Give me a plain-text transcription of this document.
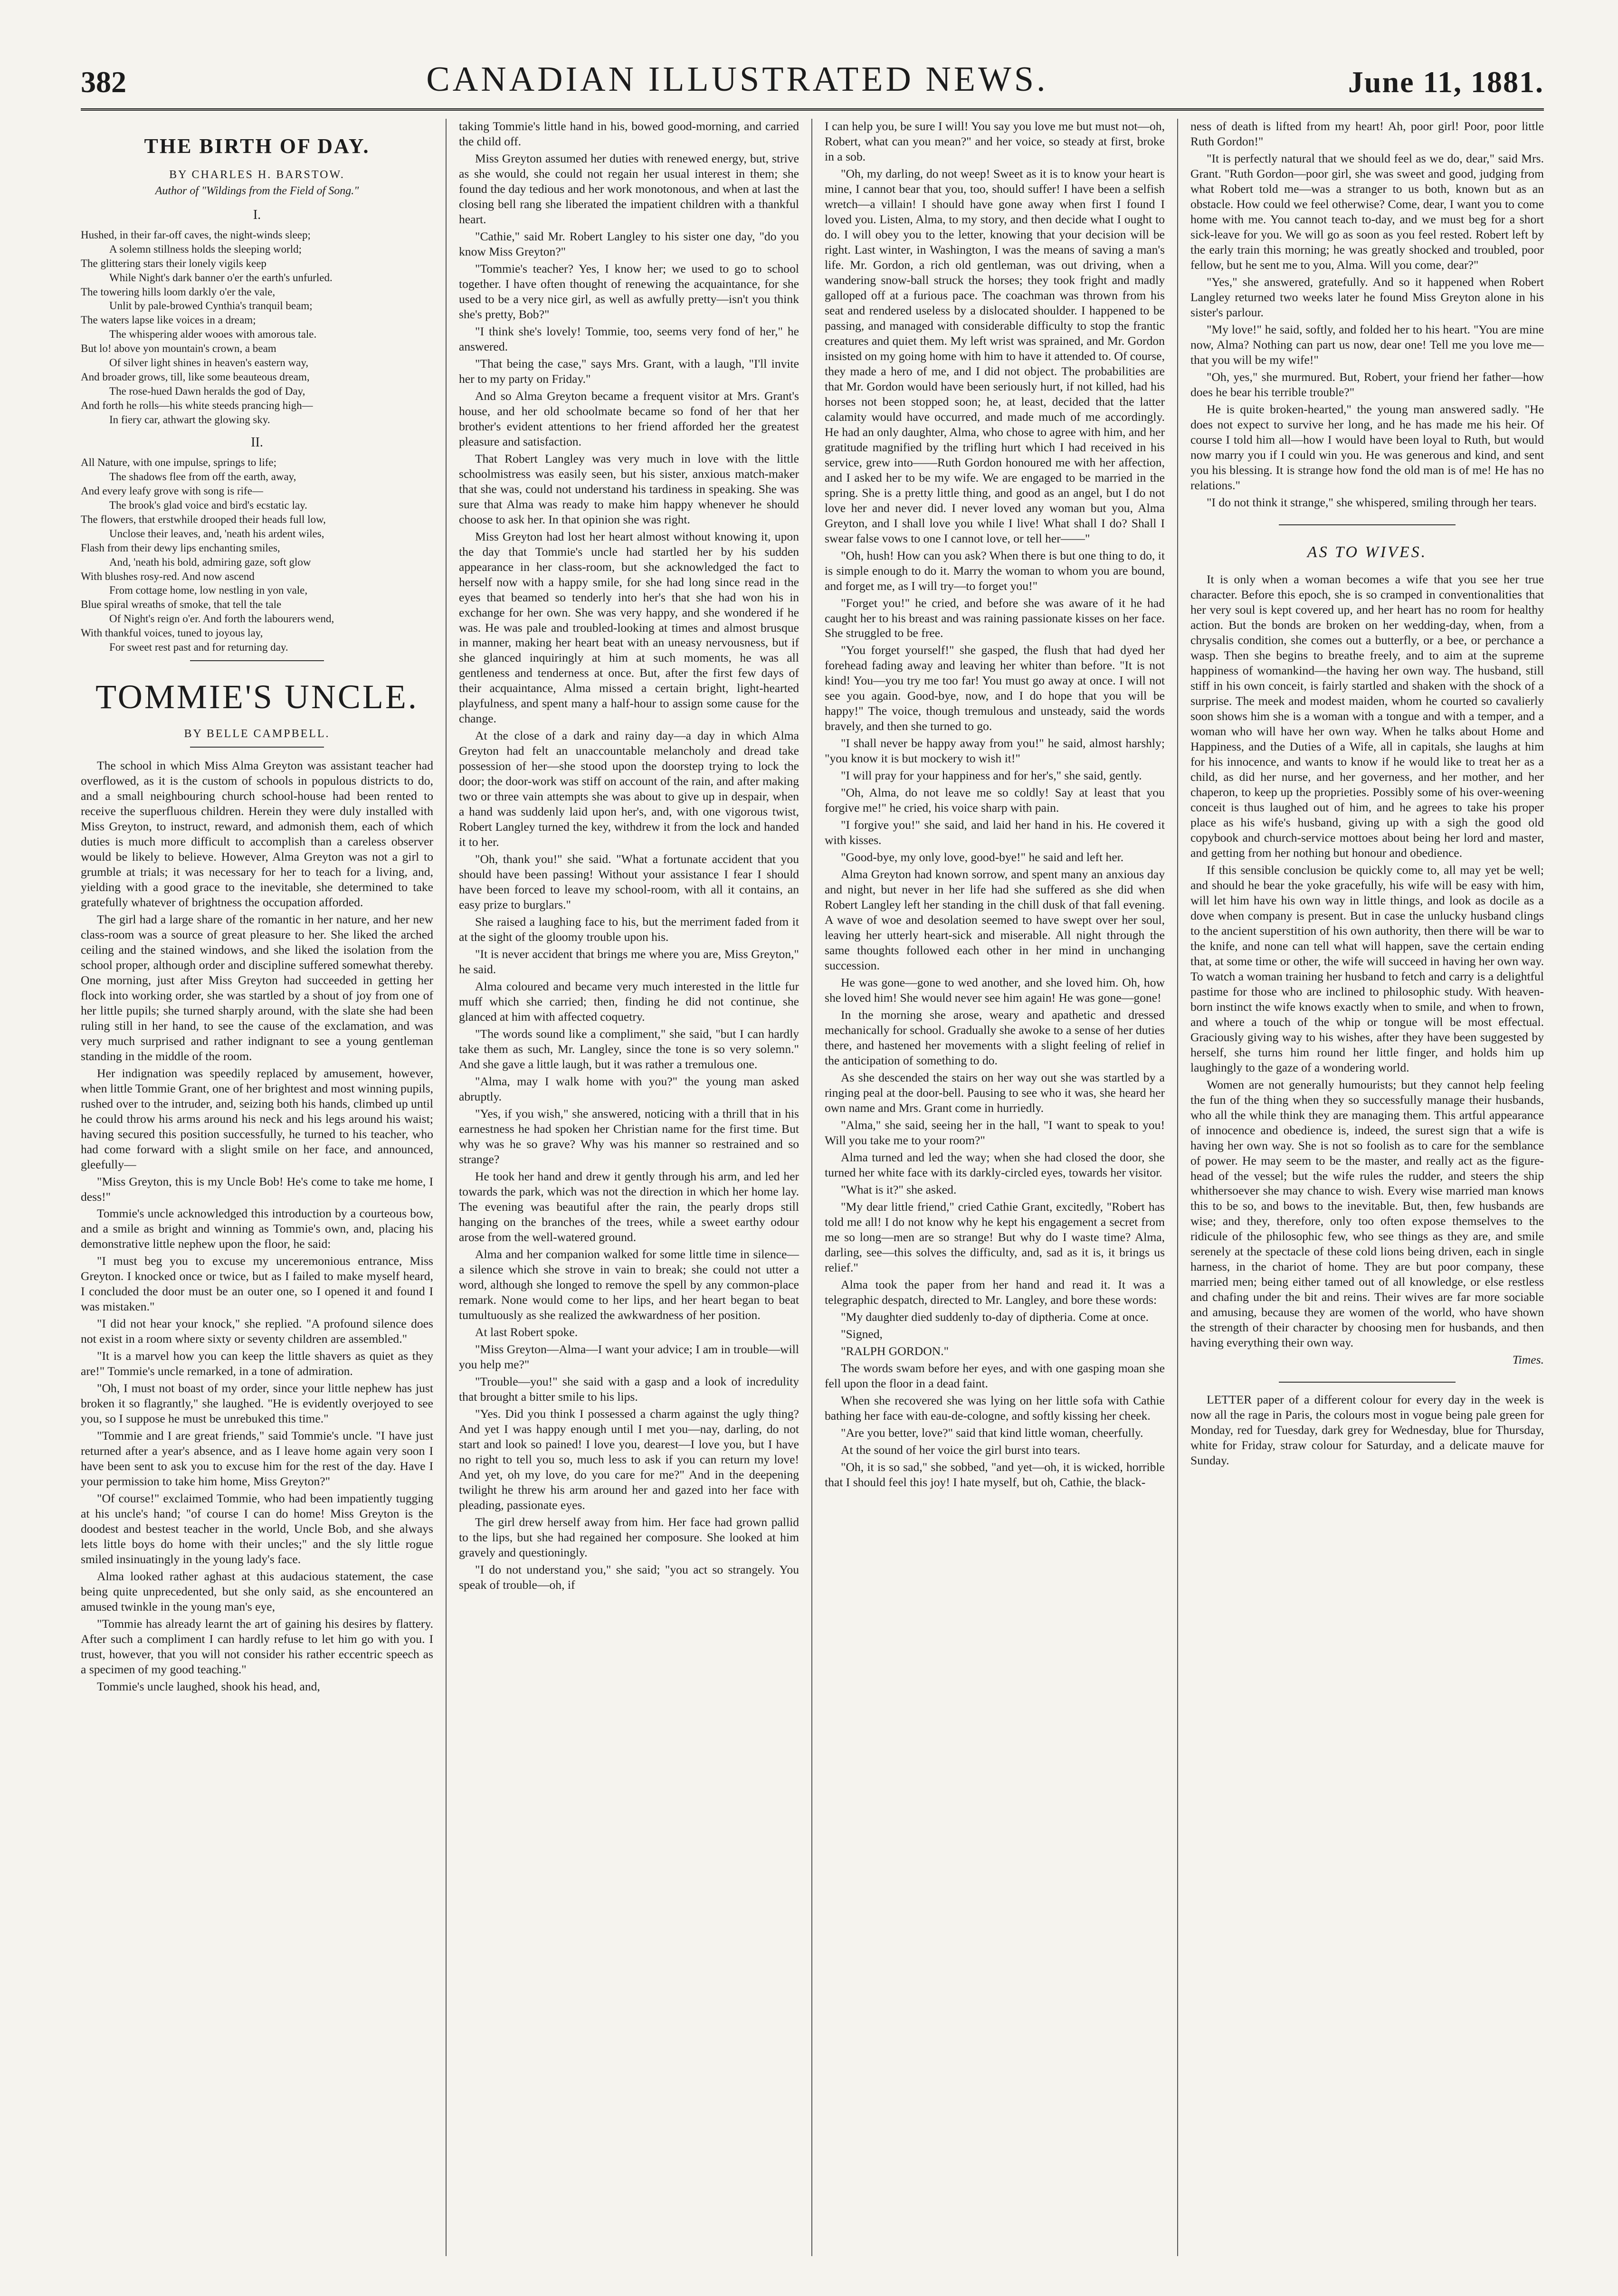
382	CANADIAN ILLUSTRATED NEWS.	June 11, 1881.
THE BIRTH OF DAY.
BY CHARLES H. BARSTOW.
Author of "Wildings from the Field of Song."
I.

Hushed, in their far-off caves, the night-winds sleep;

A solemn stillness holds the sleeping world;

The glittering stars their lonely vigils keep

While Night's dark banner o'er the earth's unfurled.

The towering hills loom darkly o'er the vale,

Unlit by pale-browed Cynthia's tranquil beam;

The waters lapse like voices in a dream;

The whispering alder wooes with amorous tale.

But lo! above yon mountain's crown, a beam

Of silver light shines in heaven's eastern way,

And broader grows, till, like some beauteous dream,

The rose-hued Dawn heralds the god of Day,

And forth he rolls—his white steeds prancing high—

In fiery car, athwart the glowing sky.

II.

All Nature, with one impulse, springs to life;

The shadows flee from off the earth, away,

And every leafy grove with song is rife—

The brook's glad voice and bird's ecstatic lay.

The flowers, that erstwhile drooped their heads full low,

Unclose their leaves, and, 'neath his ardent wiles,

Flash from their dewy lips enchanting smiles,

And, 'neath his bold, admiring gaze, soft glow

With blushes rosy-red. And now ascend

From cottage home, low nestling in yon vale,

Blue spiral wreaths of smoke, that tell the tale

Of Night's reign o'er. And forth the labourers wend,

With thankful voices, tuned to joyous lay,

For sweet rest past and for returning day.

TOMMIE'S UNCLE.
BY BELLE CAMPBELL.

The school in which Miss Alma Greyton was assistant teacher had overflowed, as it is the custom of schools in populous districts to do, and a small neighbouring church school-house had been rented to receive the superfluous children. Herein they were duly installed with Miss Greyton, to instruct, reward, and admonish them, each of which duties is much more difficult to accomplish than a careless observer would be likely to believe. However, Alma Greyton was not a girl to grumble at trials; it was necessary for her to teach for a living, and, yielding with a good grace to the inevitable, she determined to take gratefully whatever of brightness the occupation afforded.

The girl had a large share of the romantic in her nature, and her new class-room was a source of great pleasure to her. She liked the arched ceiling and the stained windows, and she liked the isolation from the school proper, although order and discipline suffered somewhat thereby. One morning, just after Miss Greyton had succeeded in getting her flock into working order, she was startled by a shout of joy from one of her little pupils; she turned sharply around, with the slate she had been ruling still in her hand, to see the cause of the exclamation, and was very much surprised and rather indignant to see a young gentleman standing in the middle of the room.

Her indignation was speedily replaced by amusement, however, when little Tommie Grant, one of her brightest and most winning pupils, rushed over to the intruder, and, seizing both his hands, climbed up until he could throw his arms around his neck and his legs around his waist; having secured this position successfully, he turned to his teacher, who had come forward with a slight smile on her face, and announced, gleefully—

"Miss Greyton, this is my Uncle Bob! He's come to take me home, I dess!"

Tommie's uncle acknowledged this introduction by a courteous bow, and a smile as bright and winning as Tommie's own, and, placing his demonstrative little nephew upon the floor, he said:

"I must beg you to excuse my unceremonious entrance, Miss Greyton. I knocked once or twice, but as I failed to make myself heard, I concluded the door must be an outer one, so I opened it and found I was mistaken."

"I did not hear your knock," she replied. "A profound silence does not exist in a room where sixty or seventy children are assembled."

"It is a marvel how you can keep the little shavers as quiet as they are!" Tommie's uncle remarked, in a tone of admiration.

"Oh, I must not boast of my order, since your little nephew has just broken it so flagrantly," she laughed. "He is evidently overjoyed to see you, so I suppose he must be unrebuked this time."

"Tommie and I are great friends," said Tommie's uncle. "I have just returned after a year's absence, and as I leave home again very soon I have been sent to ask you to excuse him for the rest of the day. Have I your permission to take him home, Miss Greyton?"

"Of course!" exclaimed Tommie, who had been impatiently tugging at his uncle's hand; "of course I can do home! Miss Greyton is the doodest and bestest teacher in the world, Uncle Bob, and she always lets little boys do home with their uncles;" and the sly little rogue smiled insinuatingly in the young lady's face.

Alma looked rather aghast at this audacious statement, the case being quite unprecedented, but she only said, as she encountered an amused twinkle in the young man's eye,

"Tommie has already learnt the art of gaining his desires by flattery. After such a compliment I can hardly refuse to let him go with you. I trust, however, that you will not consider his rather eccentric speech as a specimen of my good teaching."

Tommie's uncle laughed, shook his head, and,

taking Tommie's little hand in his, bowed good-morning, and carried the child off.

Miss Greyton assumed her duties with renewed energy, but, strive as she would, she could not regain her usual interest in them; she found the day tedious and her work monotonous, and when at last the closing bell rang she liberated the impatient children with a thankful heart.

"Cathie," said Mr. Robert Langley to his sister one day, "do you know Miss Greyton?"

"Tommie's teacher? Yes, I know her; we used to go to school together. I have often thought of renewing the acquaintance, for she used to be a very nice girl, as well as awfully pretty—isn't you think she's pretty, Bob?"

"I think she's lovely! Tommie, too, seems very fond of her," he answered.

"That being the case," says Mrs. Grant, with a laugh, "I'll invite her to my party on Friday."

And so Alma Greyton became a frequent visitor at Mrs. Grant's house, and her old schoolmate became so fond of her that her brother's evident attentions to her friend afforded her the greatest pleasure and satisfaction.

That Robert Langley was very much in love with the little schoolmistress was easily seen, but his sister, anxious match-maker that she was, could not understand his tardiness in speaking. She was sure that Alma was ready to make him happy whenever he should choose to ask her. In that opinion she was right.

Miss Greyton had lost her heart almost without knowing it, upon the day that Tommie's uncle had startled her by his sudden appearance in her class-room, but she acknowledged the fact to herself now with a happy smile, for she had long since read in the eyes that beamed so tenderly into her's that she had won his in exchange for her own. She was very happy, and she wondered if he was. He was pale and troubled-looking at times and almost brusque in manner, making her heart beat with an uneasy nervousness, but if she glanced inquiringly at him at such moments, he was all gentleness and tenderness at once. But, after the first few days of their acquaintance, Alma missed a certain bright, light-hearted playfulness, and spent many a half-hour to assign some cause for the change.

At the close of a dark and rainy day—a day in which Alma Greyton had felt an unaccountable melancholy and dread take possession of her—she stood upon the doorstep trying to lock the door; the door-work was stiff on account of the rain, and after making two or three vain attempts she was about to give up in despair, when a hand was suddenly laid upon her's, and, with one vigorous twist, Robert Langley turned the key, withdrew it from the lock and handed it to her.

"Oh, thank you!" she said. "What a fortunate accident that you should have been passing! Without your assistance I fear I should have been forced to leave my school-room, with all it contains, an easy prize to burglars."

She raised a laughing face to his, but the merriment faded from it at the sight of the gloomy trouble upon his.

"It is never accident that brings me where you are, Miss Greyton," he said.

Alma coloured and became very much interested in the little fur muff which she carried; then, finding he did not continue, she glanced at him with affected coquetry.

"The words sound like a compliment," she said, "but I can hardly take them as such, Mr. Langley, since the tone is so very solemn." And she gave a little laugh, but it was rather a tremulous one.

"Alma, may I walk home with you?" the young man asked abruptly.

"Yes, if you wish," she answered, noticing with a thrill that in his earnestness he had spoken her Christian name for the first time. But why was he so grave? Why was his manner so restrained and so strange?

He took her hand and drew it gently through his arm, and led her towards the park, which was not the direction in which her home lay. The evening was beautiful after the rain, the pearly drops still hanging on the branches of the trees, while a sweet earthy odour arose from the well-watered ground.

Alma and her companion walked for some little time in silence—a silence which she strove in vain to break; she could not utter a word, although she longed to remove the spell by any common-place remark. None would come to her lips, and her heart began to beat tumultuously as she realized the awkwardness of her position.

At last Robert spoke.

"Miss Greyton—Alma—I want your advice; I am in trouble—will you help me?"

"Trouble—you!" she said with a gasp and a look of incredulity that brought a bitter smile to his lips.

"Yes. Did you think I possessed a charm against the ugly thing? And yet I was happy enough until I met you—nay, darling, do not start and look so pained! I love you, dearest—I love you, but I have no right to tell you so, much less to ask if you can return my love! And yet, oh my love, do you care for me?" And in the deepening twilight he threw his arm around her and gazed into her face with pleading, passionate eyes.

The girl drew herself away from him. Her face had grown pallid to the lips, but she had regained her composure. She looked at him gravely and questioningly.

"I do not understand you," she said; "you act so strangely. You speak of trouble—oh, if

I can help you, be sure I will! You say you love me but must not—oh, Robert, what can you mean?" and her voice, so steady at first, broke in a sob.

"Oh, my darling, do not weep! Sweet as it is to know your heart is mine, I cannot bear that you, too, should suffer! I have been a selfish wretch—a villain! I should have gone away when first I found I loved you. Listen, Alma, to my story, and then decide what I ought to do. I will obey you to the letter, knowing that your decision will be right. Last winter, in Washington, I was the means of saving a man's life. Mr. Gordon, a rich old gentleman, was out driving, when a wandering snow-ball struck the horses; they took fright and madly galloped off at a furious pace. The coachman was thrown from his seat and rendered useless by a dislocated shoulder. I happened to be passing, and managed with considerable difficulty to stop the frantic creatures and quiet them. My left wrist was sprained, and Mr. Gordon insisted on my going home with him to have it attended to. Of course, they made a hero of me, and I did not object. The probabilities are that Mr. Gordon would have been seriously hurt, if not killed, had his horses not been stopped soon; he, at least, decided that the latter calamity would have occurred, and made much of me accordingly. He had an only daughter, Alma, who chose to agree with him, and her gratitude magnified by the trifling hurt which I had received in his service, grew into——Ruth Gordon honoured me with her affection, and I asked her to be my wife. We are engaged to be married in the spring. She is a pretty little thing, and good as an angel, but I do not love her and never did. I never loved any woman but you, Alma Greyton, and I shall love you while I live! What shall I do? Shall I swear false vows to one I cannot love, or tell her——"

"Oh, hush! How can you ask? When there is but one thing to do, it is simple enough to do it. Marry the woman to whom you are bound, and forget me, as I will try—to forget you!"

"Forget you!" he cried, and before she was aware of it he had caught her to his breast and was raining passionate kisses on her face. She struggled to be free.

"You forget yourself!" she gasped, the flush that had dyed her forehead fading away and leaving her whiter than before. "It is not kind! You—you try me too far! You must go away at once. I will not see you again. Good-bye, now, and I do hope that you will be happy!" The voice, though tremulous and unsteady, said the words bravely, and then she turned to go.

"I shall never be happy away from you!" he said, almost harshly; "you know it is but mockery to wish it!"

"I will pray for your happiness and for her's," she said, gently.

"Oh, Alma, do not leave me so coldly! Say at least that you forgive me!" he cried, his voice sharp with pain.

"I forgive you!" she said, and laid her hand in his. He covered it with kisses.

"Good-bye, my only love, good-bye!" he said and left her.

Alma Greyton had known sorrow, and spent many an anxious day and night, but never in her life had she suffered as she did when Robert Langley left her standing in the chill dusk of that fall evening. A wave of woe and desolation seemed to have swept over her soul, leaving her utterly heart-sick and miserable. All night through the same thoughts followed each other in her mind in unchanging succession.

He was gone—gone to wed another, and she loved him. Oh, how she loved him! She would never see him again! He was gone—gone!

In the morning she arose, weary and apathetic and dressed mechanically for school. Gradually she awoke to a sense of her duties there, and hastened her movements with a slight feeling of relief in the anticipation of something to do.

As she descended the stairs on her way out she was startled by a ringing peal at the door-bell. Pausing to see who it was, she heard her own name and Mrs. Grant come in hurriedly.

"Alma," she said, seeing her in the hall, "I want to speak to you! Will you take me to your room?"

Alma turned and led the way; when she had closed the door, she turned her white face with its darkly-circled eyes, towards her visitor.

"What is it?" she asked.

"My dear little friend," cried Cathie Grant, excitedly, "Robert has told me all! I do not know why he kept his engagement a secret from me so long—men are so strange! But why do I waste time? Alma, darling, see—this solves the difficulty, and, sad as it is, it brings us relief."

Alma took the paper from her hand and read it. It was a telegraphic despatch, directed to Mr. Langley, and bore these words:

"My daughter died suddenly to-day of diptheria. Come at once.

"Signed,

"RALPH GORDON."

The words swam before her eyes, and with one gasping moan she fell upon the floor in a dead faint.

When she recovered she was lying on her little sofa with Cathie bathing her face with eau-de-cologne, and softly kissing her cheek.

"Are you better, love?" said that kind little woman, cheerfully.

At the sound of her voice the girl burst into tears.

"Oh, it is so sad," she sobbed, "and yet—oh, it is wicked, horrible that I should feel this joy! I hate myself, but oh, Cathie, the black-

ness of death is lifted from my heart! Ah, poor girl! Poor, poor little Ruth Gordon!"

"It is perfectly natural that we should feel as we do, dear," said Mrs. Grant. "Ruth Gordon—poor girl, she was sweet and good, judging from what Robert told me—was a stranger to us both, known but as an obstacle. How could we feel otherwise? Come, dear, I want you to come home with me. You cannot teach to-day, and we must beg for a short sick-leave for you. We will go as soon as you feel rested. Robert left by the early train this morning; he was greatly shocked and troubled, poor fellow, but he sent me to you, Alma. Will you come, dear?"

"Yes," she answered, gratefully. And so it happened when Robert Langley returned two weeks later he found Miss Greyton alone in his sister's parlour.

"My love!" he said, softly, and folded her to his heart. "You are mine now, Alma? Nothing can part us now, dear one! Tell me you love me—that you will be my wife!"

"Oh, yes," she murmured. But, Robert, your friend her father—how does he bear his terrible trouble?"

He is quite broken-hearted," the young man answered sadly. "He does not expect to survive her long, and he has made me his heir. Of course I told him all—how I would have been loyal to Ruth, but would now marry you if I could win you. He was generous and kind, and sent you his blessing. It is strange how fond the old man is of me! He has no relations."

"I do not think it strange," she whispered, smiling through her tears.

AS TO WIVES.

It is only when a woman becomes a wife that you see her true character. Before this epoch, she is so cramped in conventionalities that her very soul is kept covered up, and her heart has no room for healthy action. But the bonds are broken on her wedding-day, when, from a chrysalis condition, she comes out a butterfly, or a bee, or perchance a wasp. Then she begins to breathe freely, and to aim at the supreme happiness of womankind—the having her own way. The husband, still stiff in his own conceit, is fairly startled and shaken with the shock of a surprise. The meek and modest maiden, whom he courted so cavalierly soon shows him she is a woman with a tongue and with a temper, and a woman who will have her own way. When he talks about Home and Happiness, and the Duties of a Wife, all in capitals, she laughs at him for his innocence, and wants to know if he would like to treat her as a child, as did her nurse, and her governess, and her mother, and her chaperon, to keep up the proprieties. Possibly some of his over-weening conceit is thus laughed out of him, and he agrees to take his proper place as his wife's husband, giving up with a sigh the good old copybook and church-service mottoes about being her lord and master, and getting from her nothing but honour and obedience.

If this sensible conclusion be quickly come to, all may yet be well; and should he bear the yoke gracefully, his wife will be easy with him, will let him have his own way in little things, and look as docile as a dove when company is present. But in case the unlucky husband clings to the ancient superstition of his own authority, then there will be war to the knife, and none can tell what will happen, save the certain ending that, at some time or other, the wife will succeed in having her own way. To watch a woman training her husband to fetch and carry is a delightful pastime for those who are inclined to philosophic study. With heaven-born instinct the wife knows exactly when to smile, and when to frown, and where a touch of the whip or tongue will be most effectual. Graciously giving way to his wishes, after they have been suggested by herself, she turns him round her little finger, and holds him up laughingly to the gaze of a wondering world.

Women are not generally humourists; but they cannot help feeling the fun of the thing when they so successfully manage their husbands, who all the while think they are managing them. This artful appearance of innocence and obedience is, indeed, the surest sign that a wife is having her own way. She is not so foolish as to care for the semblance of power. He may seem to be the master, and really act as the figure-head of the vessel; but the wife rules the rudder, and steers the ship whithersoever she may chance to wish. Every wise married man knows this to be so, and bows to the inevitable. But, then, few husbands are wise; and they, therefore, only too often expose themselves to the ridicule of the philosophic few, who see things as they are, and smile serenely at the spectacle of these cold lions being driven, each in single harness, in the chariot of home. They are but poor company, these married men; being either tamed out of all knowledge, or else restless and chafing under the bit and reins. Their wives are far more sociable and amusing, because they are women of the world, who have shown the strength of their character by choosing men for husbands, and then having everything their own way.

Times.

LETTER paper of a different colour for every day in the week is now all the rage in Paris, the colours most in vogue being pale green for Monday, red for Tuesday, dark grey for Wednesday, blue for Thursday, white for Friday, straw colour for Saturday, and a delicate mauve for Sunday.
